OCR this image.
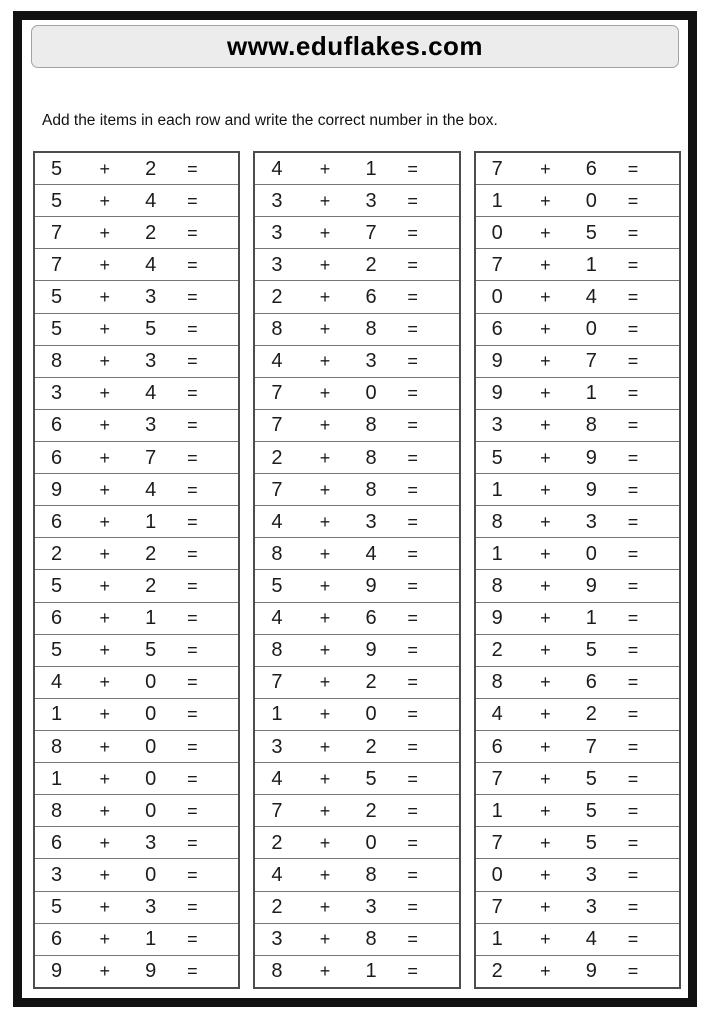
www.eduflakes.com
Add the items in each row and write the correct number in the box.
5	+	2	=
5	+	4	=
7	+	2	=
7	+	4	=
5	+	3	=
5	+	5	=
8	+	3	=
3	+	4	=
6	+	3	=
6	+	7	=
9	+	4	=
6	+	1	=
2	+	2	=
5	+	2	=
6	+	1	=
5	+	5	=
4	+	0	=
1	+	0	=
8	+	0	=
1	+	0	=
8	+	0	=
6	+	3	=
3	+	0	=
5	+	3	=
6	+	1	=
9	+	9	=
4	+	1	=
3	+	3	=
3	+	7	=
3	+	2	=
2	+	6	=
8	+	8	=
4	+	3	=
7	+	0	=
7	+	8	=
2	+	8	=
7	+	8	=
4	+	3	=
8	+	4	=
5	+	9	=
4	+	6	=
8	+	9	=
7	+	2	=
1	+	0	=
3	+	2	=
4	+	5	=
7	+	2	=
2	+	0	=
4	+	8	=
2	+	3	=
3	+	8	=
8	+	1	=
7	+	6	=
1	+	0	=
0	+	5	=
7	+	1	=
0	+	4	=
6	+	0	=
9	+	7	=
9	+	1	=
3	+	8	=
5	+	9	=
1	+	9	=
8	+	3	=
1	+	0	=
8	+	9	=
9	+	1	=
2	+	5	=
8	+	6	=
4	+	2	=
6	+	7	=
7	+	5	=
1	+	5	=
7	+	5	=
0	+	3	=
7	+	3	=
1	+	4	=
2	+	9	=
